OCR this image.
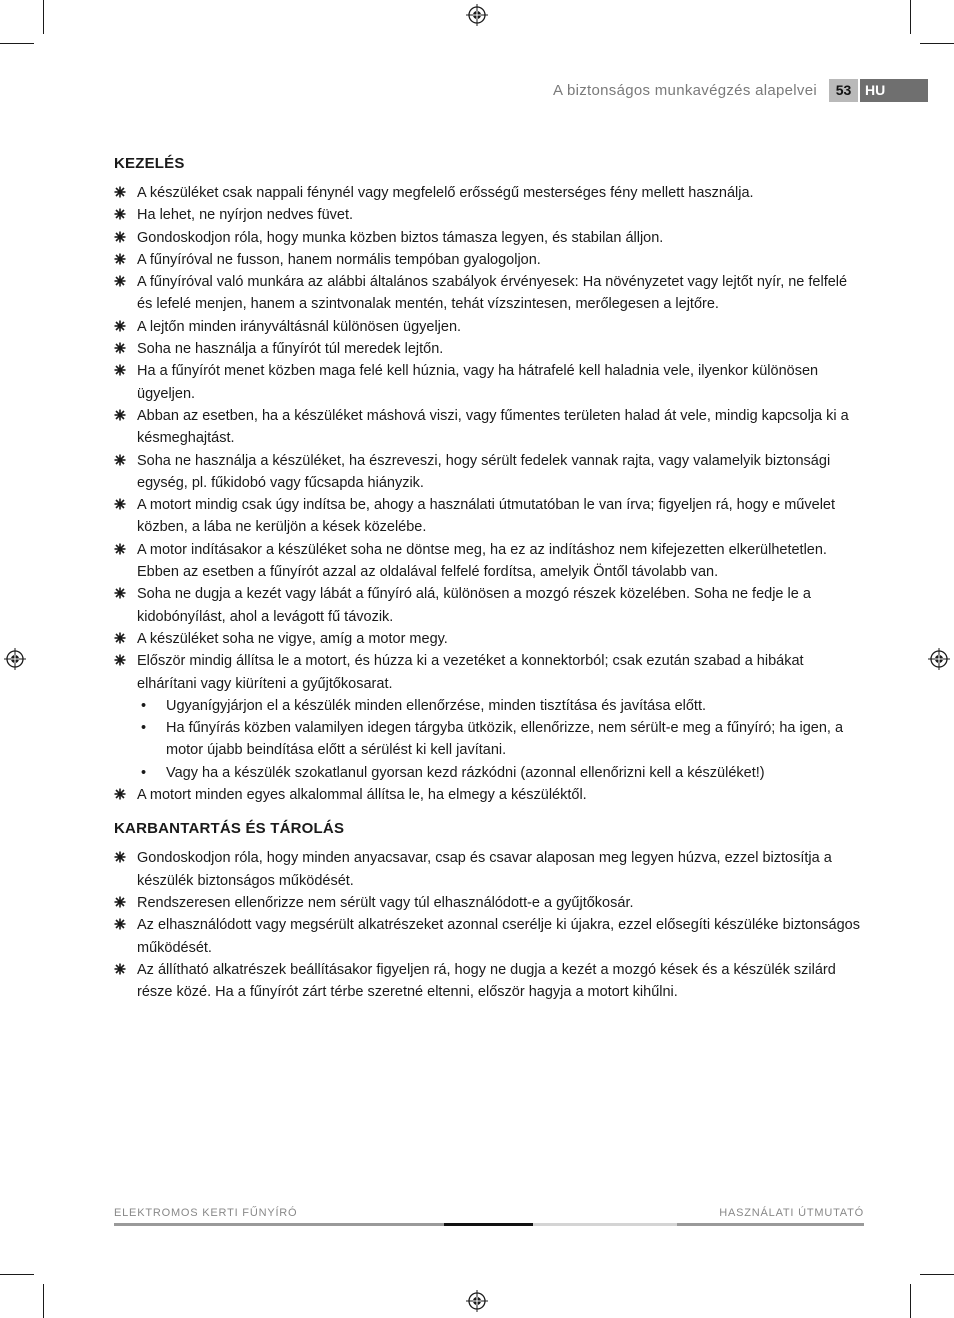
A biztonságos munkavégzés alapelvei	53 HU
KEZELÉS
A készüléket csak nappali fénynél vagy megfelelő erősségű mesterséges fény mellett használja.
Ha lehet, ne nyírjon nedves füvet.
Gondoskodjon róla, hogy munka közben biztos támasza legyen, és stabilan álljon.
A fűnyíróval ne fusson, hanem normális tempóban gyalogoljon.
A fűnyíróval való munkára az alábbi általános szabályok érvényesek: Ha növényzetet vagy lejtőt nyír, ne felfelé és lefelé menjen, hanem a szintvonalak mentén, tehát vízszintesen, merőlegesen a lejtőre.
A lejtőn minden irányváltásnál különösen ügyeljen.
Soha ne használja a fűnyírót túl meredek lejtőn.
Ha a fűnyírót menet közben maga felé kell húznia, vagy ha hátrafelé kell haladnia vele, ilyenkor különösen ügyeljen.
Abban az esetben, ha a készüléket máshová viszi, vagy fűmentes területen halad át vele, mindig kapcsolja ki a késmeghajtást.
Soha ne használja a készüléket, ha észreveszi, hogy sérült fedelek vannak rajta, vagy valamelyik biztonsági egység, pl. fűkidobó vagy fűcsapda hiányzik.
A motort mindig csak úgy indítsa be, ahogy a használati útmutatóban le van írva; figyeljen rá, hogy e művelet közben, a lába ne kerüljön a kések közelébe.
A motor indításakor a készüléket soha ne döntse meg, ha ez az indításhoz nem kifejezetten elkerülhetetlen. Ebben az esetben a fűnyírót azzal az oldalával felfelé fordítsa, amelyik Öntől távolabb van.
Soha ne dugja a kezét vagy lábát a fűnyíró alá, különösen a mozgó részek közelében. Soha ne fedje le a kidobónyílást, ahol a levágott fű távozik.
A készüléket soha ne vigye, amíg a motor megy.
Először mindig állítsa le a motort, és húzza ki a vezetéket a konnektorból; csak ezután szabad a hibákat elhárítani vagy kiüríteni a gyűjtőkosarat.
• Ugyanígyjárjon el a készülék minden ellenőrzése, minden tisztítása és javítása előtt.
• Ha fűnyírás közben valamilyen idegen tárgyba ütközik, ellenőrizze, nem sérült-e meg a fűnyíró; ha igen, a motor újabb beindítása előtt a sérülést ki kell javítani.
• Vagy ha a készülék szokatlanul gyorsan kezd rázkódni (azonnal ellenőrizni kell a készüléket!)
A motort minden egyes alkalommal állítsa le, ha elmegy a készüléktől.
KARBANTARTÁS ÉS TÁROLÁS
Gondoskodjon róla, hogy minden anyacsavar, csap és csavar alaposan meg legyen húzva, ezzel biztosítja a készülék biztonságos működését.
Rendszeresen ellenőrizze nem sérült vagy túl elhasználódott-e a gyűjtőkosár.
Az elhasználódott vagy megsérült alkatrészeket azonnal cserélje ki újakra, ezzel elősegíti készüléke biztonságos működését.
Az állítható alkatrészek beállításakor figyeljen rá, hogy ne dugja a kezét a mozgó kések és a készülék szilárd része közé. Ha a fűnyírót zárt térbe szeretné eltenni, először hagyja a motort kihűlni.
ELEKTROMOS KERTI FŰNYÍRÓ	HASZNÁLATI ÚTMUTATÓ
